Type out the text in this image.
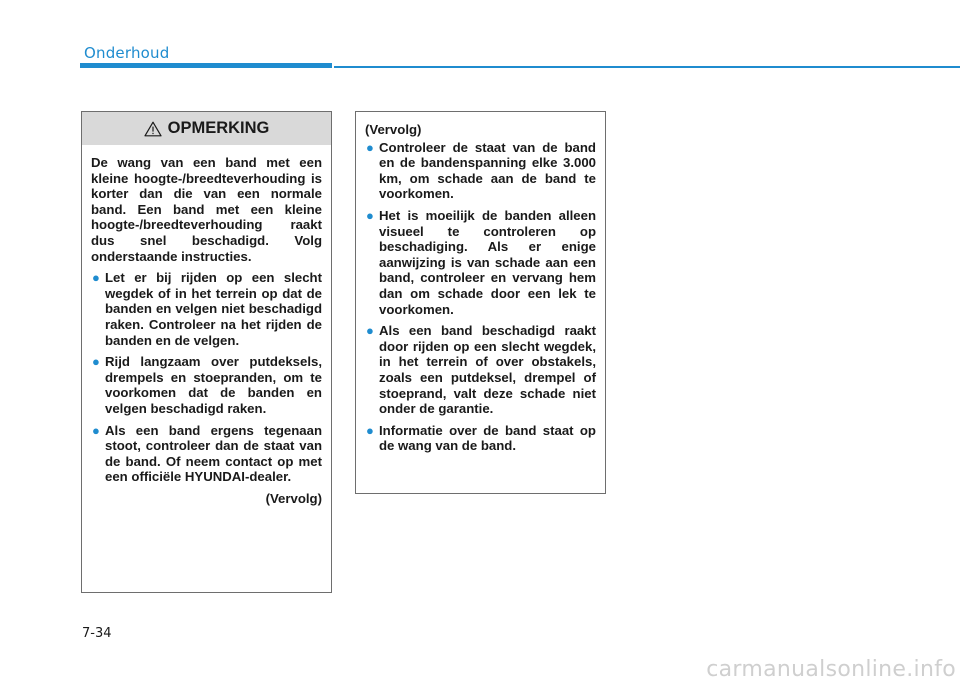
Onderhoud
OPMERKING

De wang van een band met een kleine hoogte-/breedteverhouding is korter dan die van een normale band. Een band met een kleine hoogte-/breedteverhouding raakt dus snel beschadigd. Volg onderstaande instructies.

● Let er bij rijden op een slecht wegdek of in het terrein op dat de banden en velgen niet beschadigd raken. Controleer na het rijden de banden en de velgen.
● Rijd langzaam over putdeksels, drempels en stoepranden, om te voorkomen dat de banden en velgen beschadigd raken.
● Als een band ergens tegenaan stoot, controleer dan de staat van de band. Of neem contact op met een officiële HYUNDAI-dealer.
(Vervolg)

(Vervolg)

● Controleer de staat van de band en de bandenspanning elke 3.000 km, om schade aan de band te voorkomen.
● Het is moeilijk de banden alleen visueel te controleren op beschadiging. Als er enige aanwijzing is van schade aan een band, controleer en vervang hem dan om schade door een lek te voorkomen.
● Als een band beschadigd raakt door rijden op een slecht wegdek, in het terrein of over obstakels, zoals een putdeksel, drempel of stoeprand, valt deze schade niet onder de garantie.
● Informatie over de band staat op de wang van de band.
7-34
carmanualsonline.info
